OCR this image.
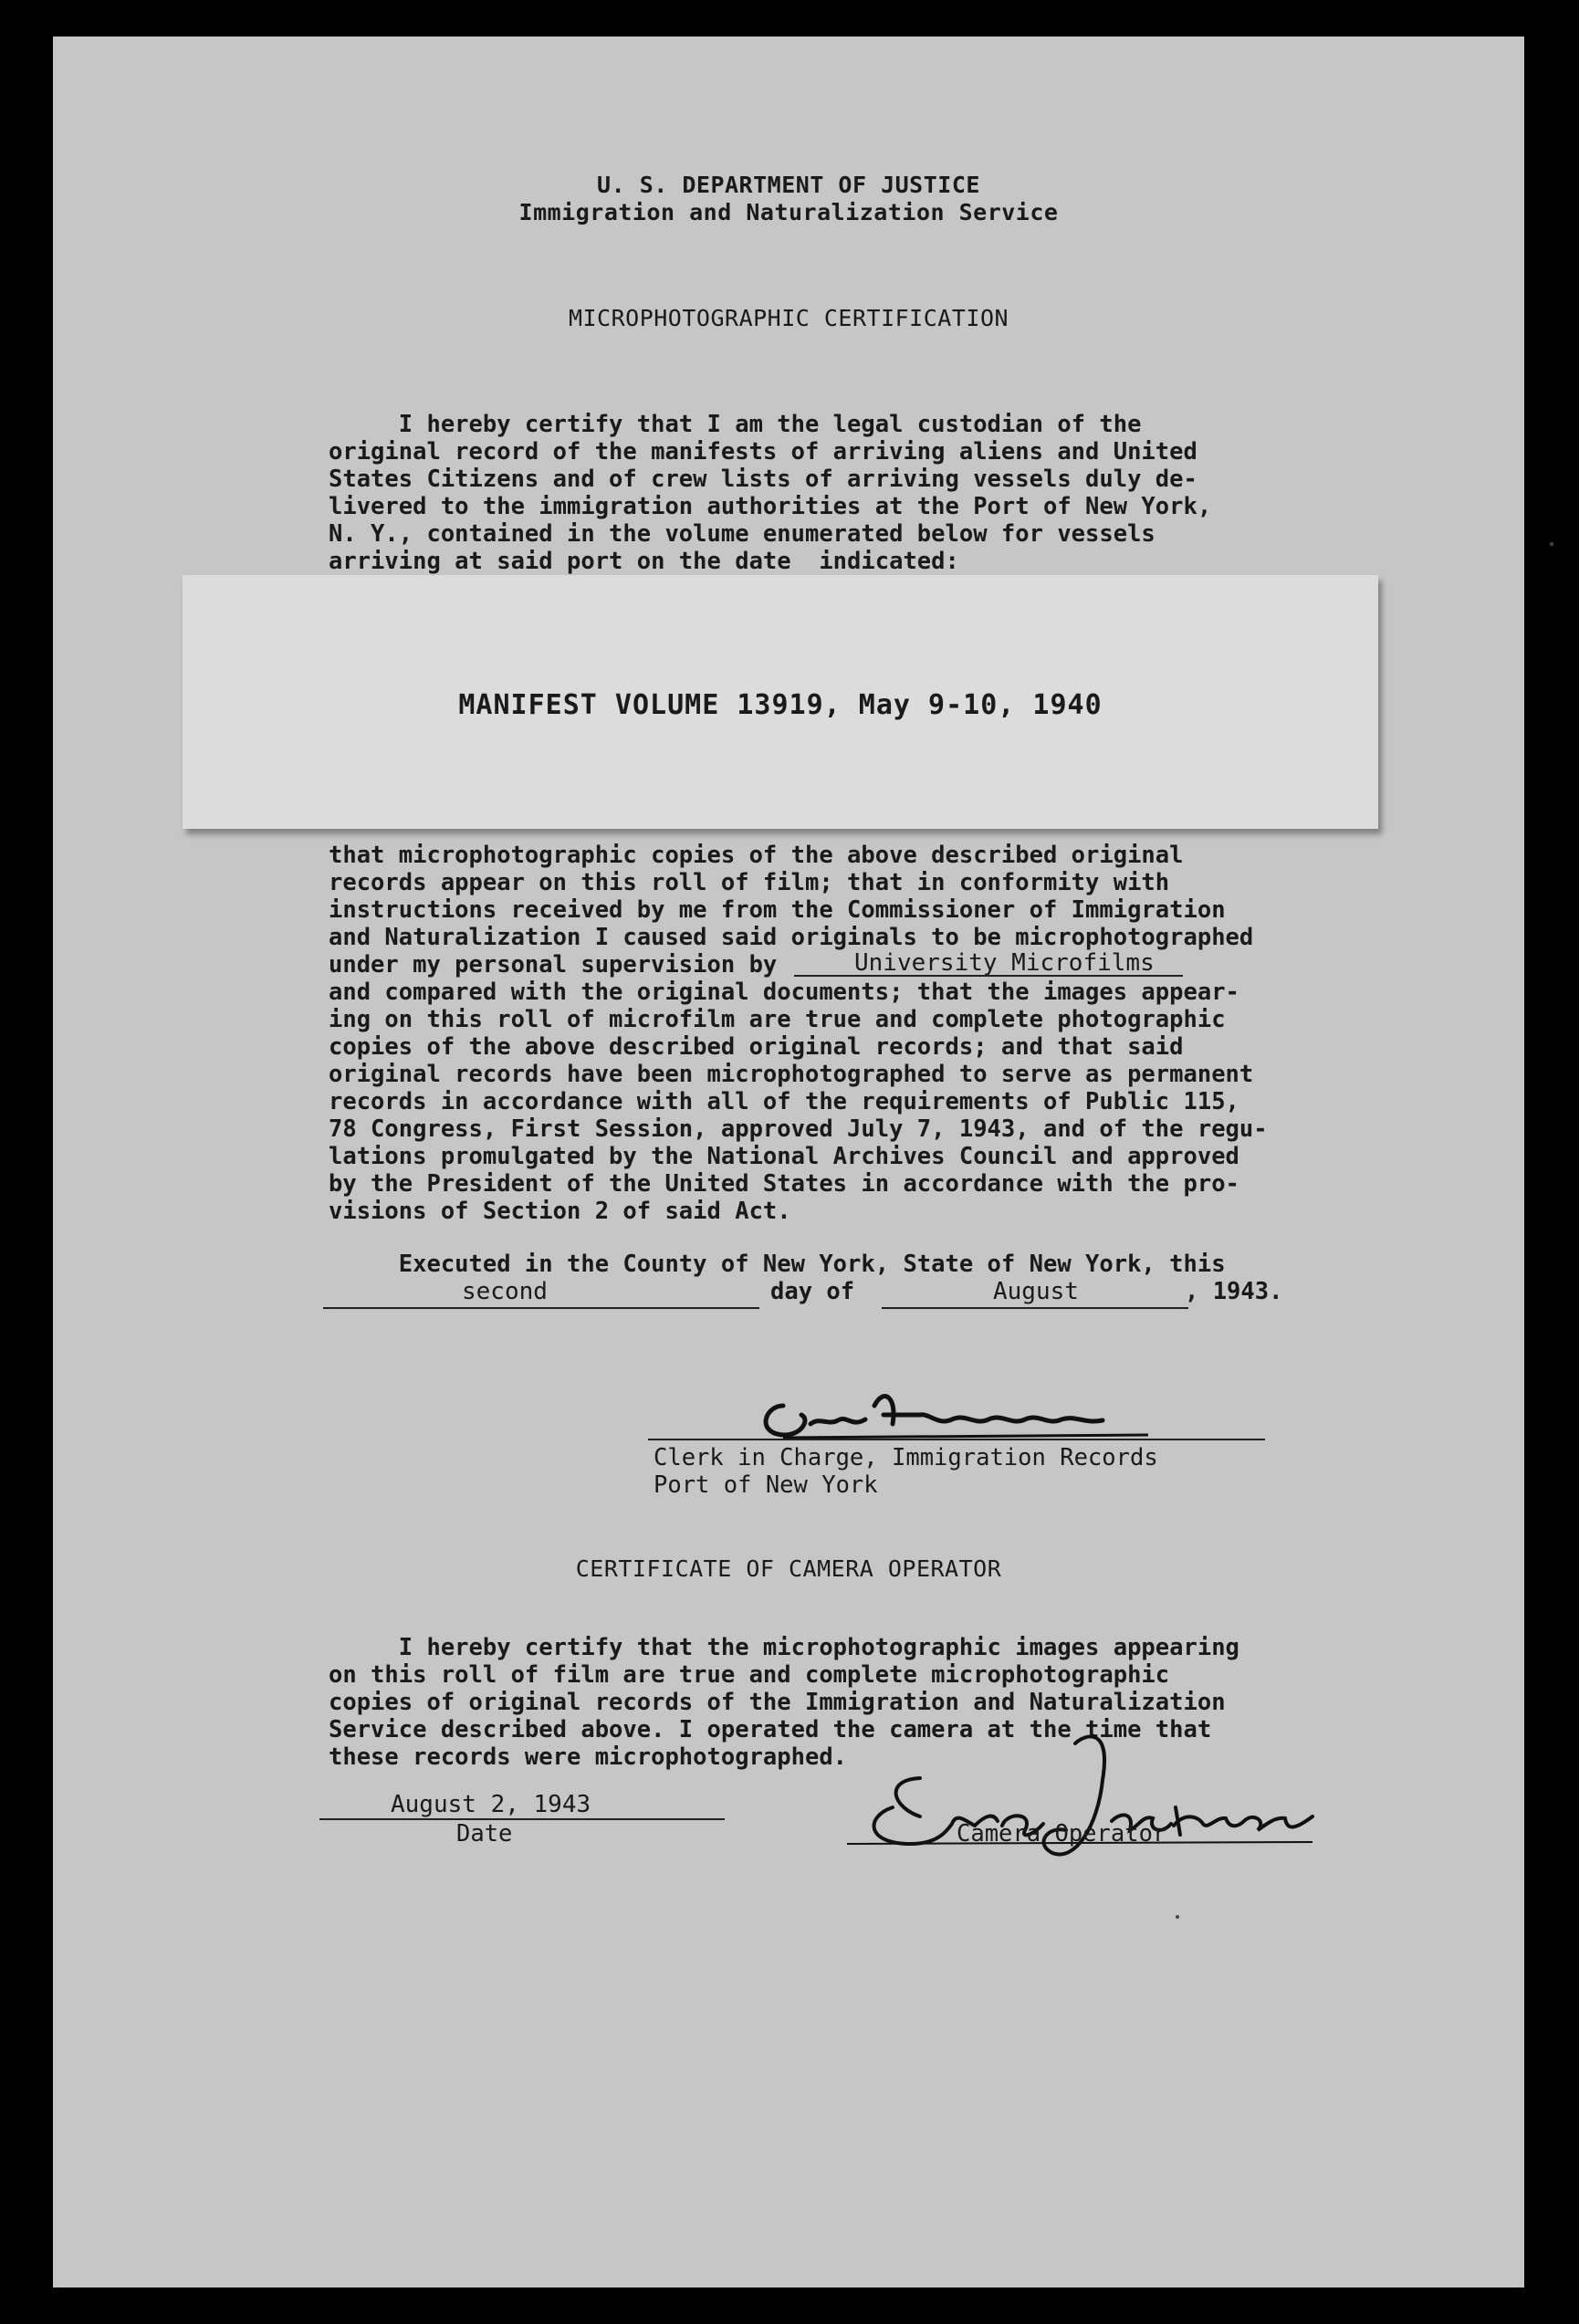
U. S. DEPARTMENT OF JUSTICE
Immigration and Naturalization Service
MICROPHOTOGRAPHIC CERTIFICATION
I hereby certify that I am the legal custodian of the
original record of the manifests of arriving aliens and United
States Citizens and of crew lists of arriving vessels duly de-
livered to the immigration authorities at the Port of New York,
N. Y., contained in the volume enumerated below for vessels
arriving at said port on the date  indicated:
MANIFEST VOLUME 13919, May 9-10, 1940
that microphotographic copies of the above described original
records appear on this roll of film; that in conformity with
instructions received by me from the Commissioner of Immigration
and Naturalization I caused said originals to be microphotographed
under my personal supervision by	University Microfilms
and compared with the original documents; that the images appear-
ing on this roll of microfilm are true and complete photographic
copies of the above described original records; and that said
original records have been microphotographed to serve as permanent
records in accordance with all of the requirements of Public 115,
78 Congress, First Session, approved July 7, 1943, and of the regu-
lations promulgated by the National Archives Council and approved
by the President of the United States in accordance with the pro-
visions of Section 2 of said Act.
Executed in the County of New York, State of New York, this
second	day of	August	, 1943.
Clerk in Charge, Immigration Records
Port of New York
CERTIFICATE OF CAMERA OPERATOR
I hereby certify that the microphotographic images appearing
on this roll of film are true and complete microphotographic
copies of original records of the Immigration and Naturalization
Service described above. I operated the camera at the time that
these records were microphotographed.
August 2, 1943
Date	Camera Operator
